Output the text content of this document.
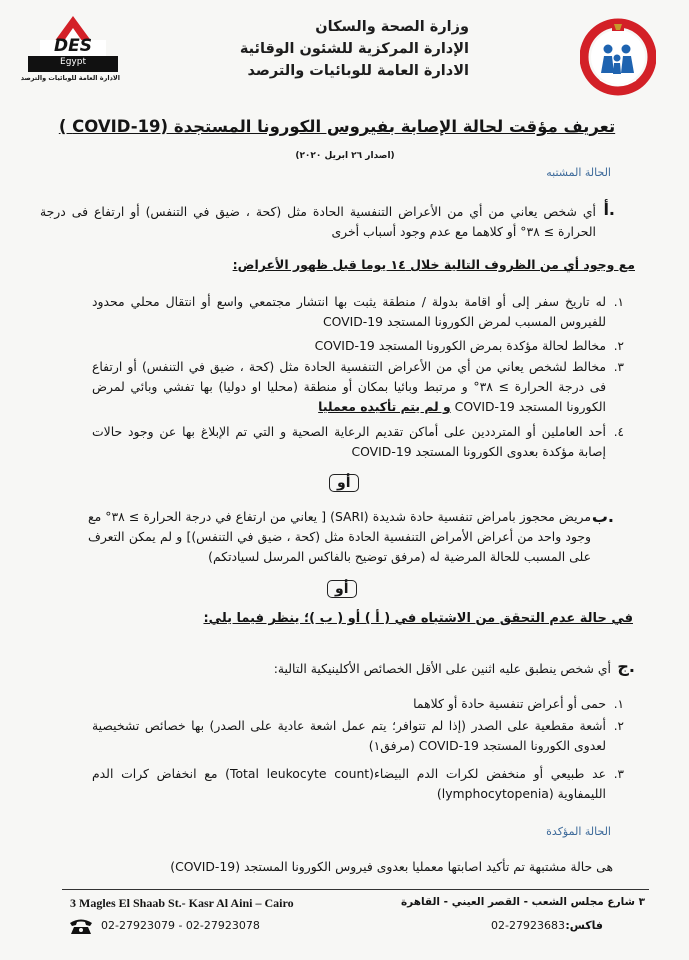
وزارة الصحة والسكان
الإدارة المركزية للشئون الوقائية
الادارة العامة للوبائيات والترصد
DES
Egypt
الادارة العامة للوبائيات والترصد
تعريف مؤقت لحالة الإصابة بفيروس الكورونا المستجدة (COVID-19 )
(اصدار ٢٦ ابريل ٢٠٢٠)
الحالة المشتبه
أ.
أي شخص يعاني من أي من الأعراض التنفسية الحادة مثل (كحة ، ضيق في التنفس) أو ارتفاع فى درجة الحرارة ≥ ٣٨° أو كلاهما مع عدم وجود أسباب أخرى
مع وجود أي من الظروف التالية خلال ١٤ يوما قبل ظهور الأعراض:
١.
له تاريخ سفر إلى أو اقامة بدولة / منطقة يثبت بها انتشار مجتمعي واسع أو انتقال محلي محدود للفيروس المسبب لمرض الكورونا المستجد COVID-19
٢.
مخالط لحالة مؤكدة بمرض الكورونا المستجد COVID-19
٣.
مخالط لشخص يعاني من أي من الأعراض التنفسية الحادة مثل (كحة ، ضيق في التنفس) أو ارتفاع فى درجة الحرارة ≥ ٣٨° و مرتبط وبائيا بمكان أو منطقة (محليا او دوليا) بها تفشي وبائي لمرض الكورونا المستجد COVID-19 و لم يتم تأكيده معمليا
٤.
أحد العاملين أو المترددين على أماكن تقديم الرعاية الصحية و التي تم الإبلاغ بها عن وجود حالات إصابة مؤكدة بعدوى الكورونا المستجد COVID-19
أو
ب.
مريض محجوز بامراض تنفسية حادة شديدة (SARI) [ يعاني من ارتفاع في درجة الحرارة ≥ ٣٨° مع وجود واحد من أعراض الأمراض التنفسية الحادة مثل (كحة ، ضيق في التنفس)] و لم يمكن التعرف على المسبب للحالة المرضية له (مرفق توضيح بالفاكس المرسل لسيادتكم)
أو
في حالة عدم التحقق من الاشتباه في ( أ ) أو ( ب )؛ ينظر فيما يلي:
ج.
أي شخص ينطبق عليه اثنين على الأقل الخصائص الأكلينيكية التالية:
١.
حمى أو أعراض تنفسية حادة أو كلاهما
٢.
أشعة مقطعية على الصدر (إذا لم تتوافر؛ يتم عمل اشعة عادية على الصدر) بها خصائص تشخيصية لعدوى الكورونا المستجد COVID-19 (مرفق١)
٣.
عد طبيعي أو منخفض لكرات الدم البيضاء(Total leukocyte count) مع انخفاض كرات الدم الليمفاوية (lymphocytopenia)
الحالة المؤكدة
هى حالة مشتبهة تم تأكيد اصابتها معمليا بعدوى فيروس الكورونا المستجد (COVID-19)
3 Magles El Shaab St.- Kasr Al Aini – Cairo	٣ شارع مجلس الشعب - القصر العيني - القاهرة
02-27923079 - 02-27923078	فاكس:
02-27923683
